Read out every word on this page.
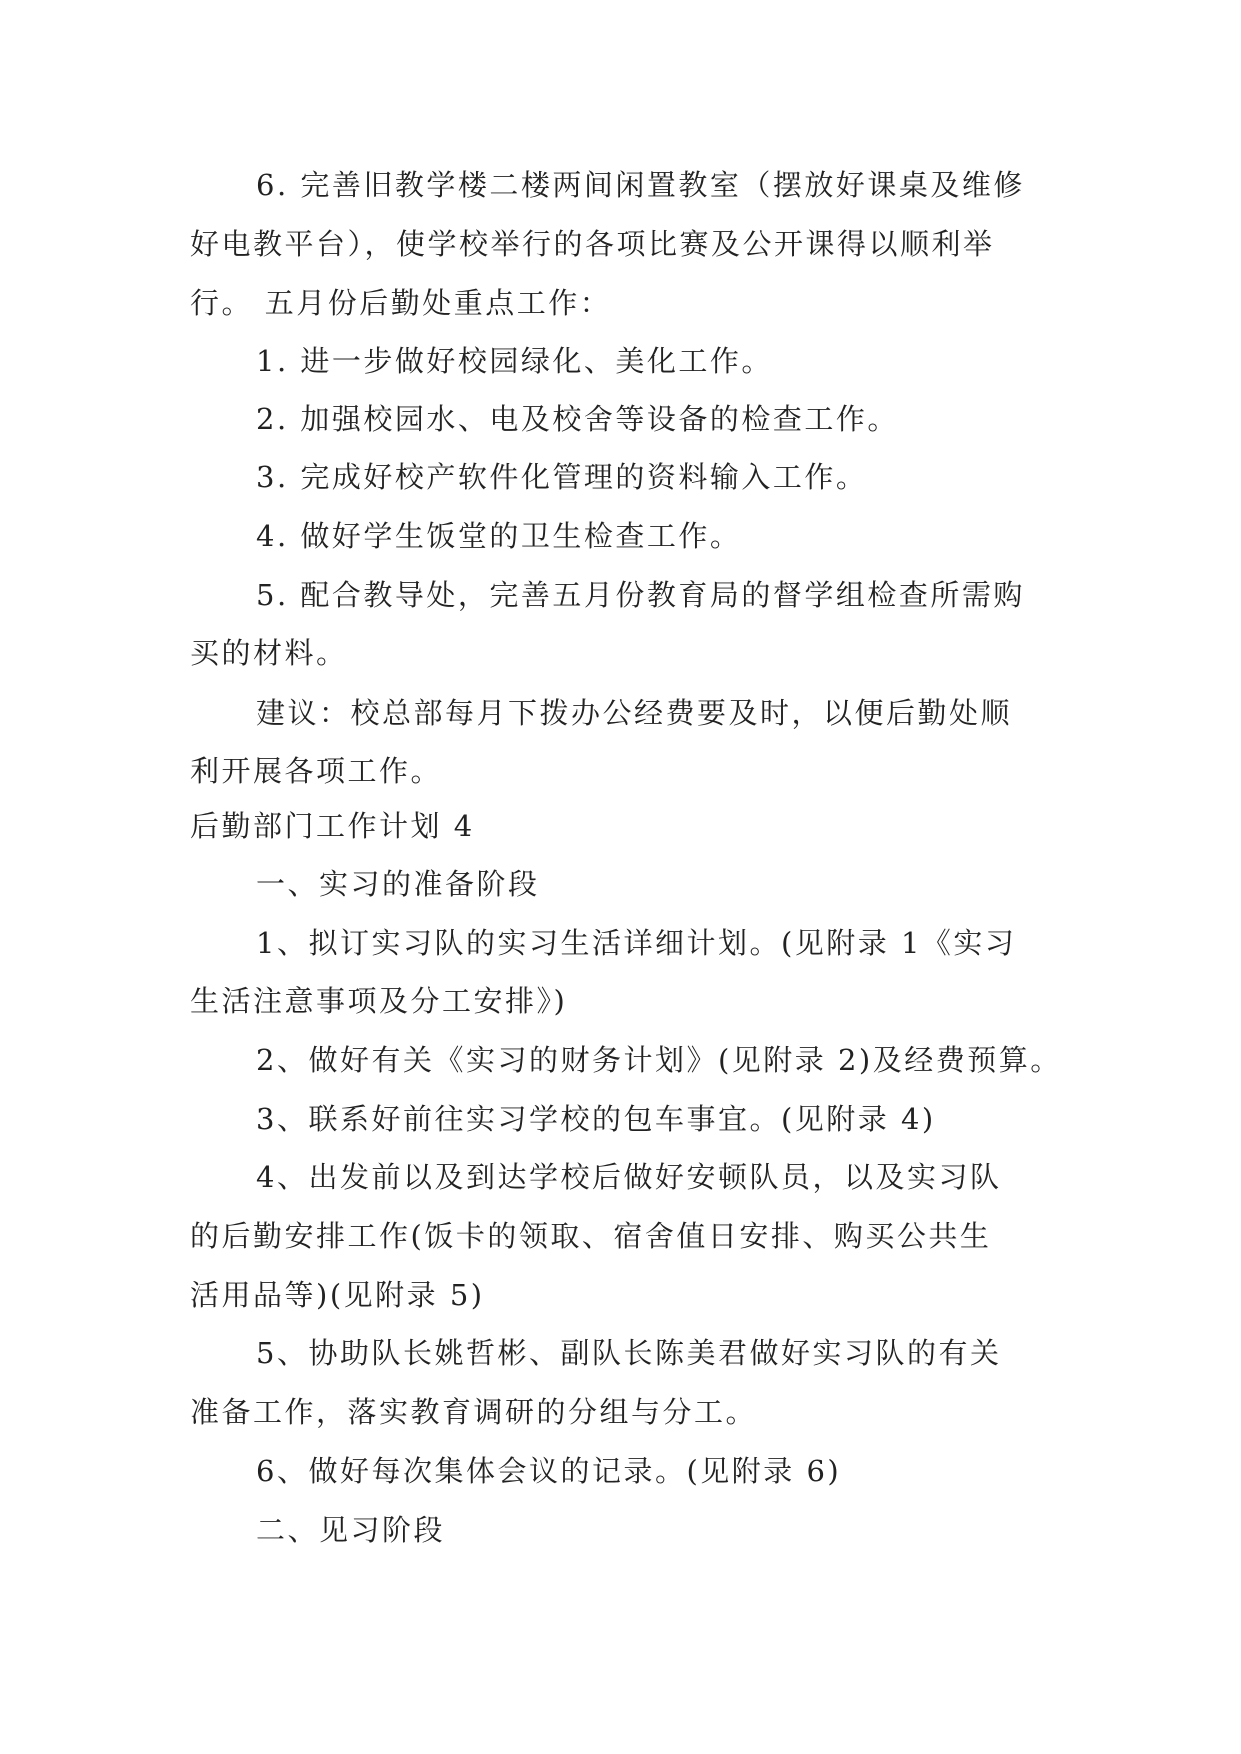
6. 完善旧教学楼二楼两间闲置教室（摆放好课桌及维修
好电教平台），使学校举行的各项比赛及公开课得以顺利举
行。 五月份后勤处重点工作：
1. 进一步做好校园绿化、美化工作。
2. 加强校园水、电及校舍等设备的检查工作。
3. 完成好校产软件化管理的资料输入工作。
4. 做好学生饭堂的卫生检查工作。
5. 配合教导处，完善五月份教育局的督学组检查所需购
买的材料。
建议：校总部每月下拨办公经费要及时，以便后勤处顺
利开展各项工作。
后勤部门工作计划 4
一、实习的准备阶段
1、拟订实习队的实习生活详细计划。(见附录 1《实习
生活注意事项及分工安排》)
2、做好有关《实习的财务计划》(见附录 2)及经费预算。
3、联系好前往实习学校的包车事宜。(见附录 4)
4、出发前以及到达学校后做好安顿队员，以及实习队
的后勤安排工作(饭卡的领取、宿舍值日安排、购买公共生
活用品等)(见附录 5)
5、协助队长姚哲彬、副队长陈美君做好实习队的有关
准备工作，落实教育调研的分组与分工。
6、做好每次集体会议的记录。(见附录 6)
二、见习阶段
